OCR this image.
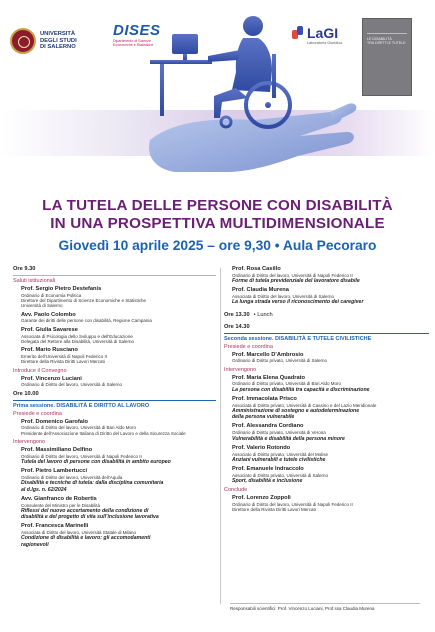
UNIVERSITÀ
DEGLI STUDI
DI SALERNO
DISES
Dipartimento di Scienze
Economiche e Statistiche
LaGI
Laboratorio Giuridico
LE DISABILITÀ
TRA DIRITTI E TUTELE
LA TUTELA DELLE PERSONE CON DISABILITÀ
IN UNA PROSPETTIVA MULTIDIMENSIONALE
Giovedì 10 aprile 2025 – ore 9,30 • Aula Pecoraro
Ore 9.30
Saluti istituzionali
Prof. Sergio Pietro Destefanis
Ordinario di Economia Politica
Direttore del Dipartimento di Scienze Economiche e Statistiche
Università di Salerno
Avv. Paolo Colombo
Garante dei diritti delle persone con disabilità, Regione Campania
Prof. Giulia Savarese
Associata di Psicologia dello Sviluppo e dell’Educazione
Delegata del Rettore alla Disabilità, Università di Salerno
Prof. Mario Rusciano
Emerito dell’Università di Napoli Federico II
Direttore della Rivista Diritti Lavori Mercati
Introduce il Convegno
Prof. Vincenzo Luciani
Ordinario di Diritto del lavoro, Università di Salerno
Ore 10.00
Prima sessione. DISABILITÀ E DIRITTO AL LAVORO
Presiede e coordina
Prof. Domenico Garofalo
Ordinario di Diritto del lavoro, Università di Bari Aldo Moro
Presidente dell’Associazione Italiana di Diritto del Lavoro e della Sicurezza Sociale
Intervengono
Prof. Massimiliano Delfino
Ordinario di Diritto del lavoro, Università di Napoli Federico II
Tutela del lavoro di persone con disabilità in ambito europeo
Prof. Pietro Lambertucci
Ordinario di Diritto del lavoro, Università dell’Aquila
Disabilità e tecniche di tutela: dalla disciplina comunitaria
al d.lgs. n. 62/2024
Avv. Gianfranco de Robertis
Consulente del Ministro per le Disabilità
Riflessi del nuovo accertamento della condizione di
disabilità e del progetto di vita sull’inclusione lavorativa
Prof. Francesca Marinelli
Associata di Diritto del lavoro, Università Statale di Milano
Condizione di disabilità e lavoro: gli accomodamenti
ragionevoli
Prof. Rosa Casillo
Ordinario di Diritto del lavoro, Università di Napoli Federico II
Forme di tutela previdenziale del lavoratore disabile
Prof. Claudia Murena
Associata di Diritto del lavoro, Università di Salerno
La lunga strada verso il riconoscimento dei caregiver
Ore 13.30 • Lunch
Ore 14.30
Seconda sessione. DISABILITÀ E TUTELE CIVILISTICHE
Presiede e coordina
Prof. Marcello D’Ambrosio
Ordinario di Diritto privato, Università di Salerno
Intervengono
Prof. Maria Elena Quadrato
Ordinario di Diritto privato, Università di Bari Aldo Moro
La persona con disabilità tra capacità e discriminazione
Prof. Immacolata Prisco
Associata di Diritto privato, Università di Cassino e del Lazio Meridionale
Amministrazione di sostegno e autodeterminazione
della persona vulnerabile
Prof. Alessandra Cordiano
Ordinario di Diritto privato, Università di Verona
Vulnerabilità e disabilità della persona minore
Prof. Valerio Rotondo
Associato di Diritto privato, Università del Molise
Anziani vulnerabili e tutele civilistiche
Prof. Emanuele Indraccolo
Associato di Diritto privato, Università di Salerno
Sport, disabilità e inclusione
Conclude
Prof. Lorenzo Zoppoli
Ordinario di Diritto del lavoro, Università di Napoli Federico II
Direttore della Rivista Diritti Lavori Mercati
Responsabili scientifici: Prof. Vincenzo Luciani, Prof.ssa Claudia Murena
